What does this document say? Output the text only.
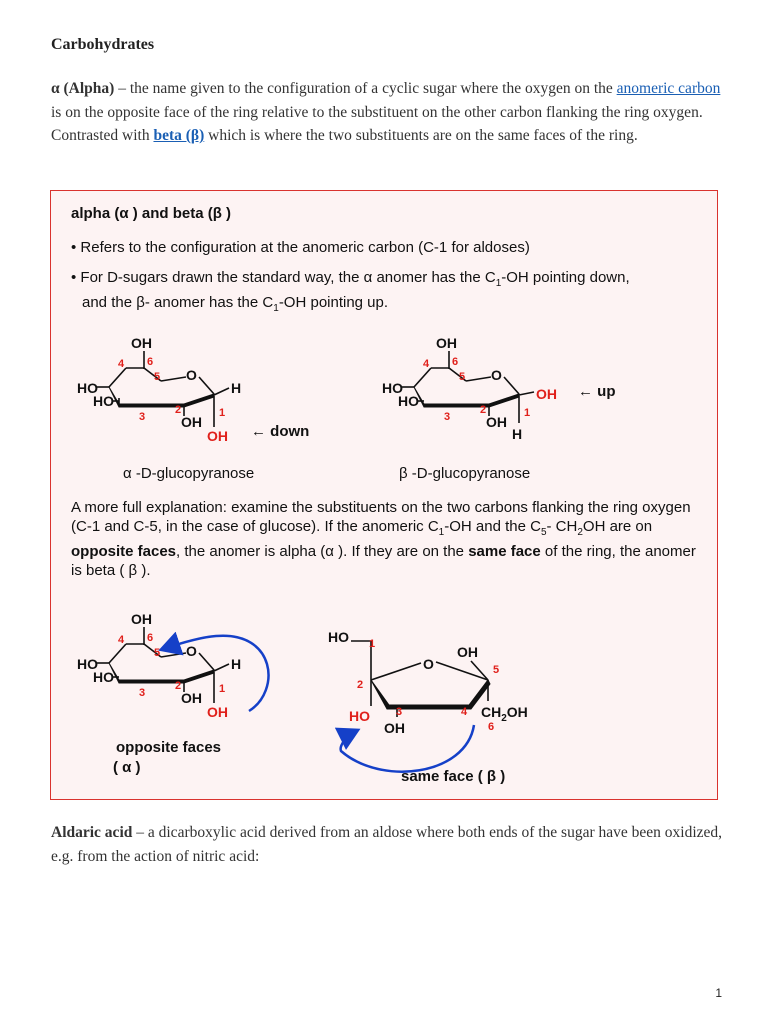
Carbohydrates
α (Alpha) – the name given to the configuration of a cyclic sugar where the oxygen on the anomeric carbon is on the opposite face of the ring relative to the substituent on the other carbon flanking the ring oxygen. Contrasted with beta (β) which is where the two substituents are on the same faces of the ring.
alpha (α ) and beta (β )
• Refers to the configuration at the anomeric carbon (C-1 for aldoses)
• For D-sugars drawn the standard way, the α anomer has the $C_1-OH$ pointing down,
and the β- anomer has the $C_1-OH$ pointing up.
OH
O
HO
HO
H
OH
OH ← down
4 6
5
3
2	1
α -D-glucopyranose
OH
O
HO
HO	OH
OH
H
← up
4 6
5
3
2	1
β -D-glucopyranose
OH
O
HO
HO
H
OH
OH
4 6
5
3
2	1
opposite faces
( α )
HO
O
OH
HO
OH
$CH_2OH$
1
2
3	4
5
6
same face ( β )
A more full explanation: examine the substituents on the two carbons flanking the ring oxygen (C-1 and C-5, in the case of glucose). If the anomeric $C_1-OH$ and the $C_5-$ $CH_2OH$ are on opposite faces, the anomer is alpha (α ). If they are on the same face of the ring, the anomer is beta ( β ).
Aldaric acid – a dicarboxylic acid derived from an aldose where both ends of the sugar have been oxidized, e.g. from the action of nitric acid:
1
